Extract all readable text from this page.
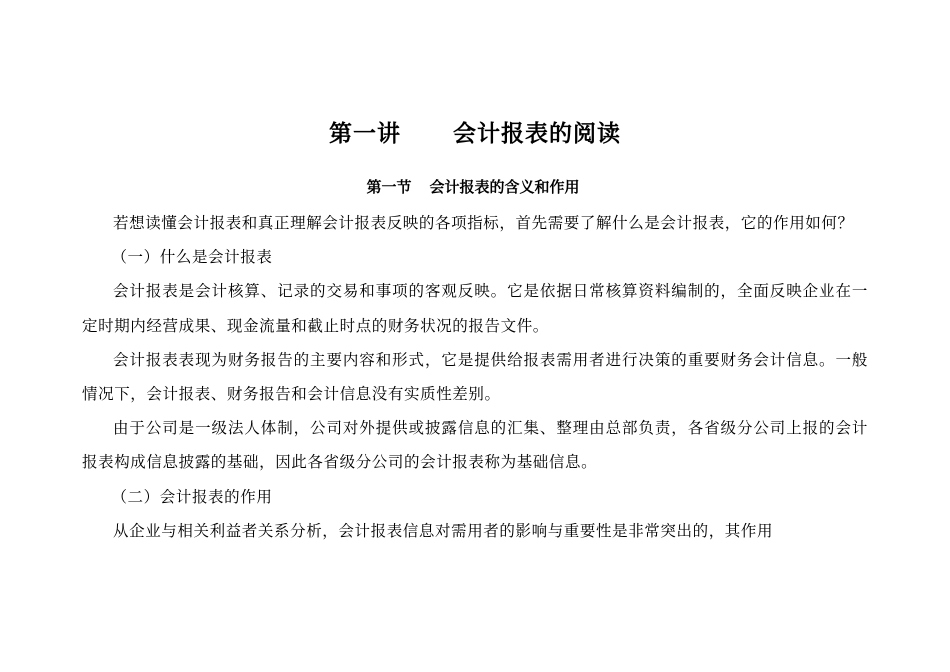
第一讲 会计报表的阅读
第一节 会计报表的含义和作用

若想读懂会计报表和真正理解会计报表反映的各项指标，首先需要了解什么是会计报表，它的作用如何？

（一）什么是会计报表

会计报表是会计核算、记录的交易和事项的客观反映。它是依据日常核算资料编制的，全面反映企业在一定时期内经营成果、现金流量和截止时点的财务状况的报告文件。

会计报表表现为财务报告的主要内容和形式，它是提供给报表需用者进行决策的重要财务会计信息。一般情况下，会计报表、财务报告和会计信息没有实质性差别。

由于公司是一级法人体制，公司对外提供或披露信息的汇集、整理由总部负责，各省级分公司上报的会计报表构成信息披露的基础，因此各省级分公司的会计报表称为基础信息。

（二）会计报表的作用

从企业与相关利益者关系分析，会计报表信息对需用者的影响与重要性是非常突出的，其作用
